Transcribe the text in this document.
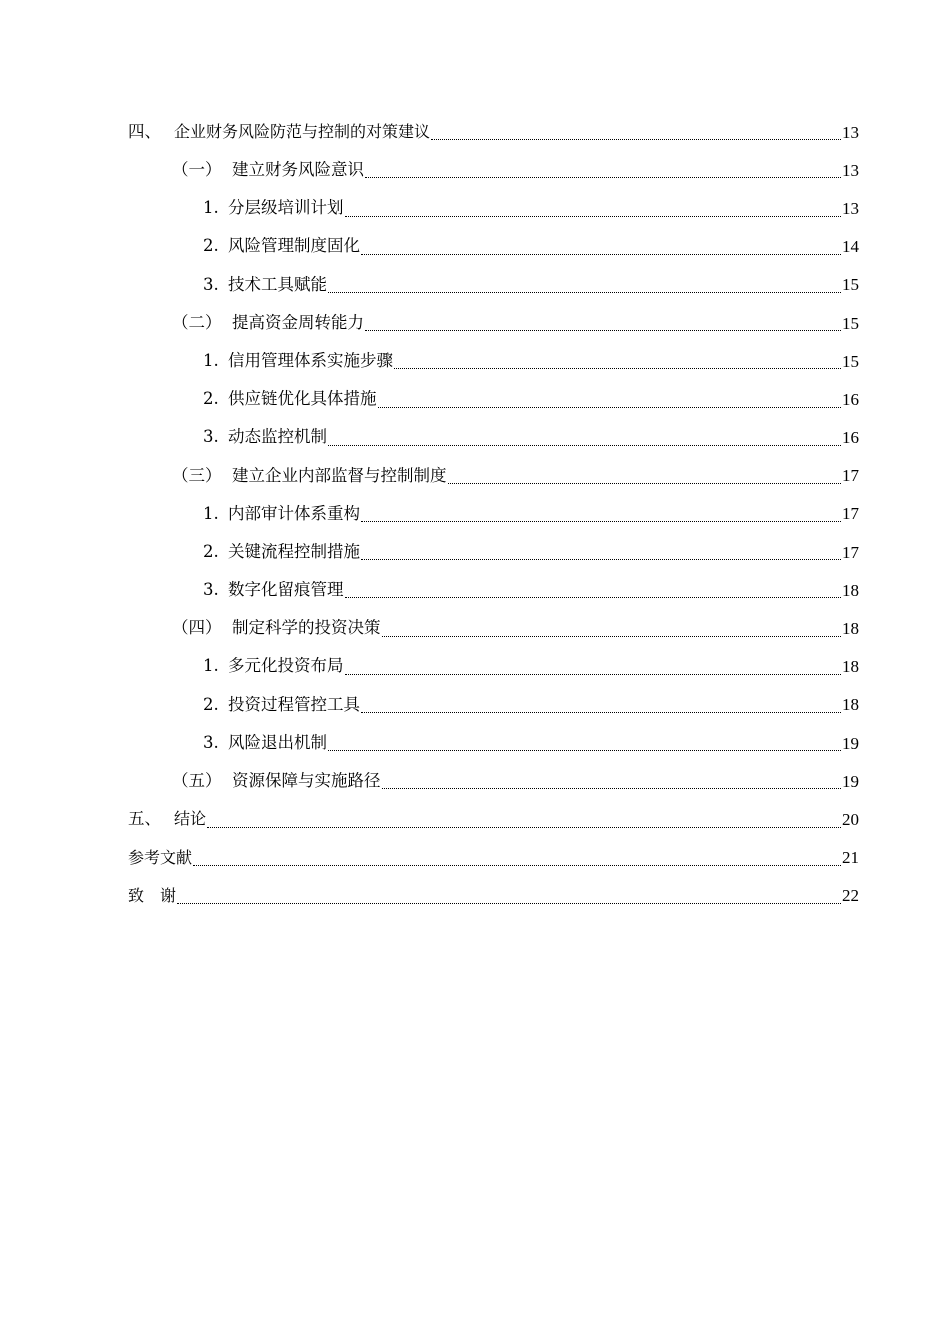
四、 企业财务风险防范与控制的对策建议	13
（一） 建立财务风险意识	13
1. 分层级培训计划	13
2. 风险管理制度固化	14
3. 技术工具赋能	15
（二） 提高资金周转能力	15
1. 信用管理体系实施步骤	15
2. 供应链优化具体措施	16
3. 动态监控机制	16
（三） 建立企业内部监督与控制制度	17
1. 内部审计体系重构	17
2. 关键流程控制措施	17
3. 数字化留痕管理	18
（四） 制定科学的投资决策	18
1. 多元化投资布局	18
2. 投资过程管控工具	18
3. 风险退出机制	19
（五） 资源保障与实施路径	19
五、 结论	20
参考文献	21
致　谢	22
